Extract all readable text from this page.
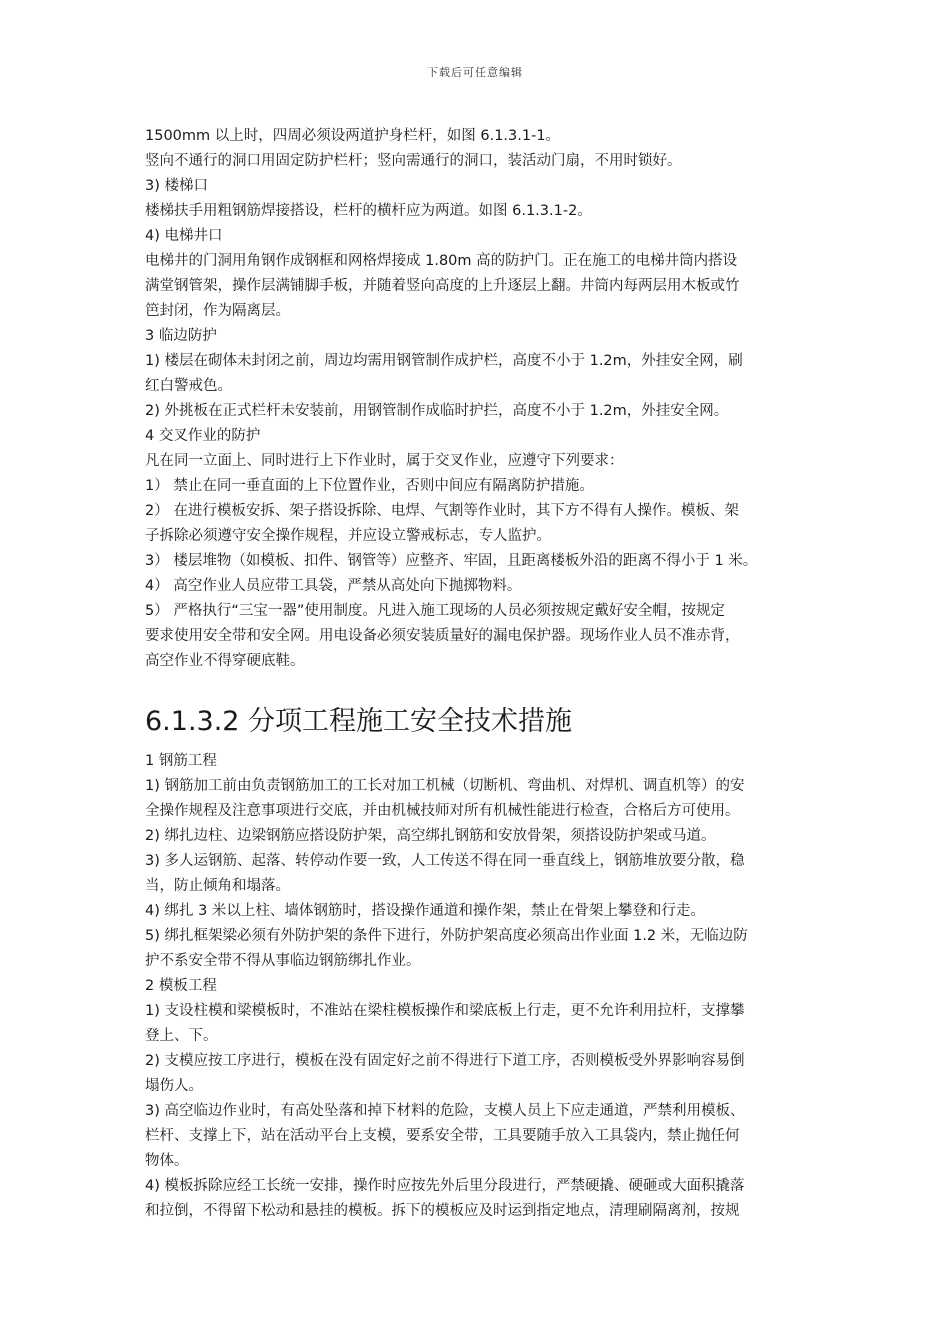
下载后可任意编辑

1500mm 以上时，四周必须设两道护身栏杆，如图 6.1.3.1-1。

竖向不通行的洞口用固定防护栏杆；竖向需通行的洞口，装活动门扇，不用时锁好。

3) 楼梯口

楼梯扶手用粗钢筋焊接搭设，栏杆的横杆应为两道。如图 6.1.3.1-2。

4) 电梯井口

电梯井的门洞用角钢作成钢框和网格焊接成 1.80m 高的防护门。正在施工的电梯井筒内搭设

满堂钢管架，操作层满铺脚手板，并随着竖向高度的上升逐层上翻。井筒内每两层用木板或竹

笆封闭，作为隔离层。

3 临边防护

1) 楼层在砌体未封闭之前，周边均需用钢管制作成护栏，高度不小于 1.2m，外挂安全网，刷

红白警戒色。

2) 外挑板在正式栏杆未安装前，用钢管制作成临时护拦，高度不小于 1.2m，外挂安全网。

4 交叉作业的防护

凡在同一立面上、同时进行上下作业时，属于交叉作业，应遵守下列要求：

1） 禁止在同一垂直面的上下位置作业，否则中间应有隔离防护措施。

2） 在进行模板安拆、架子搭设拆除、电焊、气割等作业时，其下方不得有人操作。模板、架

子拆除必须遵守安全操作规程，并应设立警戒标志，专人监护。

3） 楼层堆物（如模板、扣件、钢管等）应整齐、牢固，且距离楼板外沿的距离不得小于 1 米。

4） 高空作业人员应带工具袋，严禁从高处向下抛掷物料。

5） 严格执行“三宝一器”使用制度。凡进入施工现场的人员必须按规定戴好安全帽，按规定

要求使用安全带和安全网。用电设备必须安装质量好的漏电保护器。现场作业人员不准赤背，

高空作业不得穿硬底鞋。

6.1.3.2 分项工程施工安全技术措施

1 钢筋工程

1) 钢筋加工前由负责钢筋加工的工长对加工机械（切断机、弯曲机、对焊机、调直机等）的安

全操作规程及注意事项进行交底，并由机械技师对所有机械性能进行检查，合格后方可使用。

2) 绑扎边柱、边梁钢筋应搭设防护架，高空绑扎钢筋和安放骨架，须搭设防护架或马道。

3) 多人运钢筋、起落、转停动作要一致，人工传送不得在同一垂直线上，钢筋堆放要分散，稳

当，防止倾角和塌落。

4) 绑扎 3 米以上柱、墙体钢筋时，搭设操作通道和操作架，禁止在骨架上攀登和行走。

5) 绑扎框架梁必须有外防护架的条件下进行，外防护架高度必须高出作业面 1.2 米，无临边防

护不系安全带不得从事临边钢筋绑扎作业。

2 模板工程

1) 支设柱模和梁模板时，不准站在梁柱模板操作和梁底板上行走，更不允许利用拉杆，支撑攀

登上、下。

2) 支模应按工序进行，模板在没有固定好之前不得进行下道工序，否则模板受外界影响容易倒

塌伤人。

3) 高空临边作业时，有高处坠落和掉下材料的危险，支模人员上下应走通道，严禁利用模板、

栏杆、支撑上下，站在活动平台上支模，要系安全带，工具要随手放入工具袋内，禁止抛任何

物体。

4) 模板拆除应经工长统一安排，操作时应按先外后里分段进行，严禁硬撬、硬砸或大面积撬落

和拉倒，不得留下松动和悬挂的模板。拆下的模板应及时运到指定地点，清理刷隔离剂，按规
